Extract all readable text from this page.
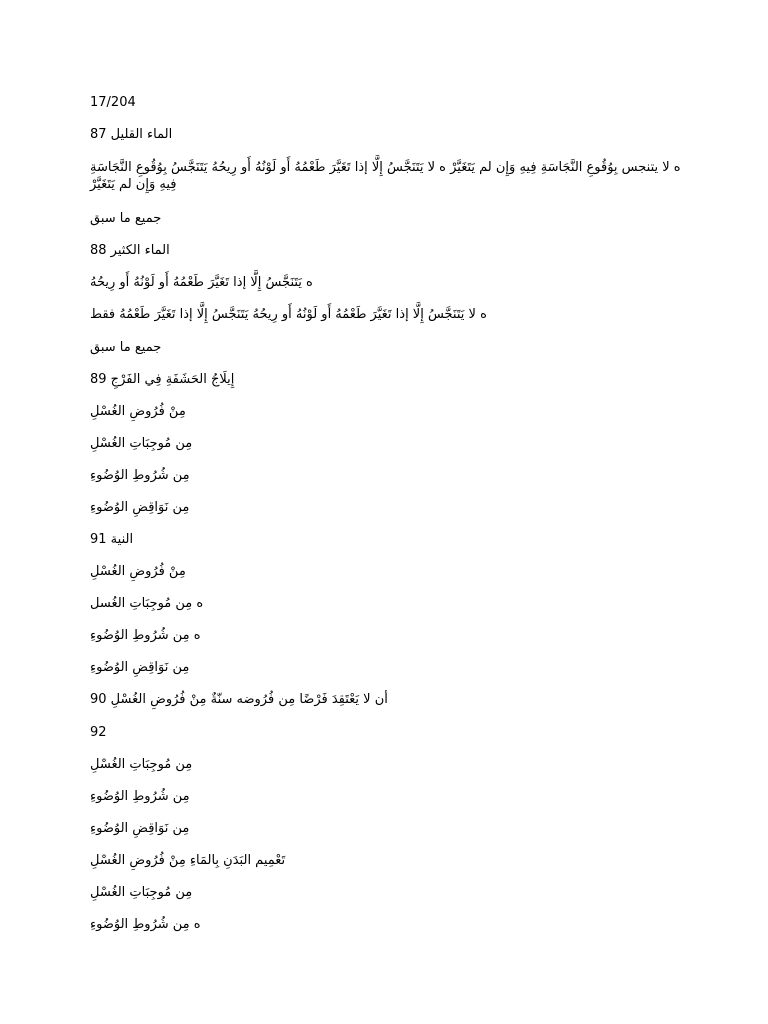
17/204
الماء القليل 87
ه لا يتنجس بِوُقُوعِ النَّجَاسَةِ فِيهِ وَإِن لم يَتَغَيَّرْ ه لا يَتَنَجَّسُ إِلَّا إذا تَغَيَّرَ طَعْمُهُ أَو لَوْنُهُ أَو رِيحُهُ يَتَنَجَّسُ بِوُقُوعِ النَّجَاسَةِ فِيهِ وَإِن لم يَتَغَيَّرْ
جميع ما سبق
الماء الكثير 88
ه يَتَنَجَّسُ إِلَّا إذا تَغَيَّرَ طَعْمُهُ أَو لَوْنُهُ أَو رِيحُهُ
ه لا يَتَنَجَّسُ إِلَّا إذا تَغَيَّرَ طَعْمُهُ أَو لَوْنُهُ أَو رِيحُهُ يَتَنَجَّسُ إِلَّا إذا تَغَيَّرَ طَعْمُهُ فقط
جميع ما سبق
إِيلَاجُ الحَشَفَةِ فِي الفَرْجِ 89
مِنْ فُرُوضِ الغُسْلِ
مِن مُوجِبَاتِ الغُسْلِ
مِن شُرُوطِ الوُضُوءِ
مِن نَوَاقِضِ الوُضُوءِ
النية 91
مِنْ فُرُوضِ الغُسْلِ
ه مِن مُوجِبَاتِ الغُسل
ه مِن شُرُوطِ الوُضُوءِ
مِن نَوَاقِضِ الوُضُوءِ
أن لا يَعْتَقِدَ فَرْضًا مِن فُرُوضه سنّةٌ مِنْ فُرُوضِ الغُسْلِ 90
92
مِن مُوجِبَاتِ الغُسْلِ
مِن شُرُوطِ الوُضُوءِ
مِن نَوَاقِضِ الوُضُوءِ
تَعْمِيم البَدَنِ بِالمَاءِ مِنْ فُرُوضِ الغُسْلِ
مِن مُوجِبَاتِ الغُسْلِ
ه مِن شُرُوطِ الوُضُوءِ
